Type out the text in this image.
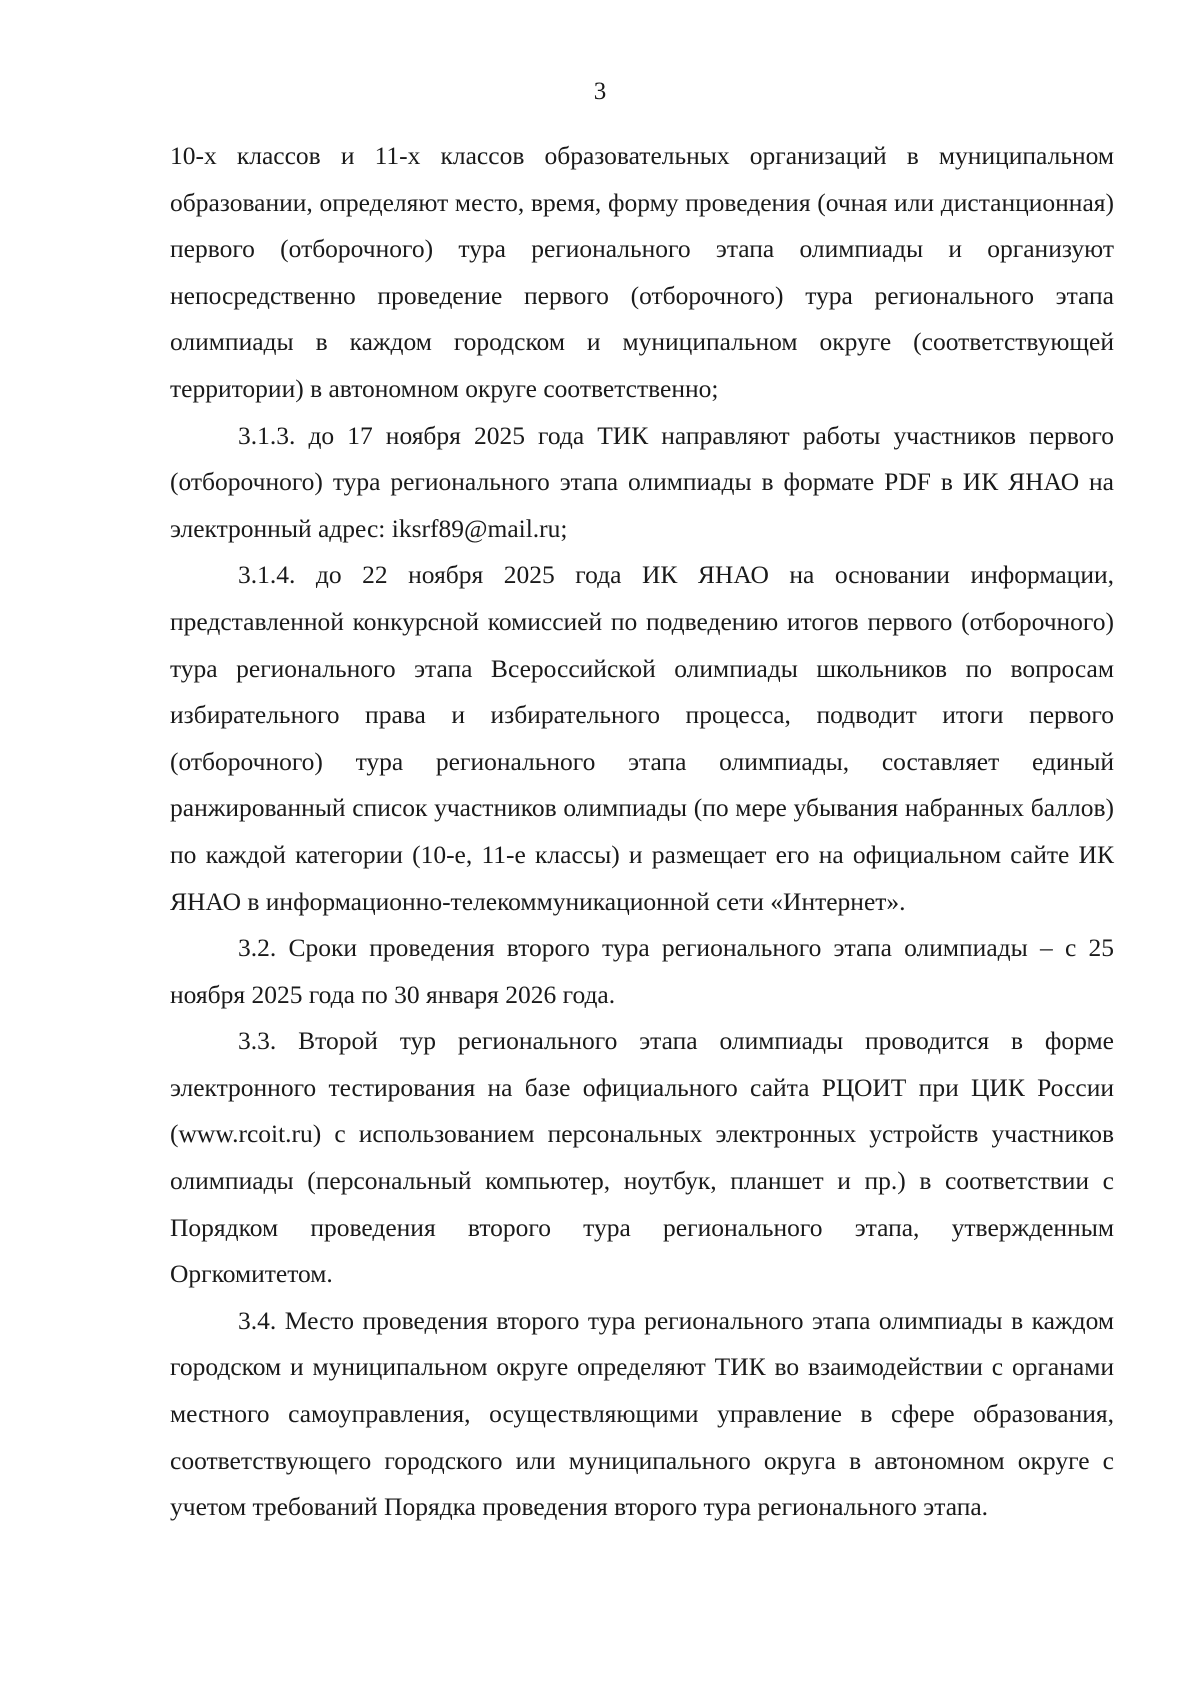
3

10-х классов и 11-х классов образовательных организаций в муниципальном образовании, определяют место, время, форму проведения (очная или дистанционная) первого (отборочного) тура регионального этапа олимпиады и организуют непосредственно проведение первого (отборочного) тура регионального этапа олимпиады в каждом городском и муниципальном округе (соответствующей территории) в автономном округе соответственно;

3.1.3. до 17 ноября 2025 года ТИК направляют работы участников первого (отборочного) тура регионального этапа олимпиады в формате PDF в ИК ЯНАО на электронный адрес: iksrf89@mail.ru;

3.1.4. до 22 ноября 2025 года ИК ЯНАО на основании информации, представленной конкурсной комиссией по подведению итогов первого (отборочного) тура регионального этапа Всероссийской олимпиады школьников по вопросам избирательного права и избирательного процесса, подводит итоги первого (отборочного) тура регионального этапа олимпиады, составляет единый ранжированный список участников олимпиады (по мере убывания набранных баллов) по каждой категории (10-е, 11-е классы) и размещает его на официальном сайте ИК ЯНАО в информационно-телекоммуникационной сети «Интернет».

3.2. Сроки проведения второго тура регионального этапа олимпиады – с 25 ноября 2025 года по 30 января 2026 года.

3.3. Второй тур регионального этапа олимпиады проводится в форме электронного тестирования на базе официального сайта РЦОИТ при ЦИК России (www.rcoit.ru) с использованием персональных электронных устройств участников олимпиады (персональный компьютер, ноутбук, планшет и пр.) в соответствии с Порядком проведения второго тура регионального этапа, утвержденным Оргкомитетом.

3.4. Место проведения второго тура регионального этапа олимпиады в каждом городском и муниципальном округе определяют ТИК во взаимодействии с органами местного самоуправления, осуществляющими управление в сфере образования, соответствующего городского или муниципального округа в автономном округе с учетом требований Порядка проведения второго тура регионального этапа.
